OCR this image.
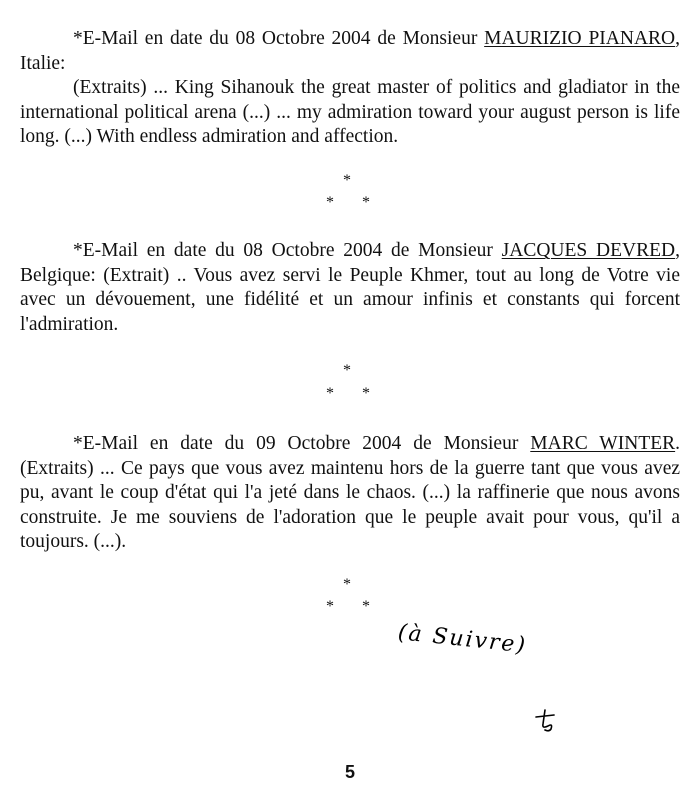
*E-Mail en date du 08 Octobre 2004 de Monsieur MAURIZIO PIANARO, Italie:
(Extraits) ... King Sihanouk the great master of politics and gladiator in the international political arena (...) ... my admiration toward your august person is life long. (...) With endless admiration and affection.
*
* *
*E-Mail en date du 08 Octobre 2004 de Monsieur JACQUES DEVRED, Belgique: (Extrait) .. Vous avez servi le Peuple Khmer, tout au long de Votre vie avec un dévouement, une fidélité et un amour infinis et constants qui forcent l'admiration.
*
* *
*E-Mail en date du 09 Octobre 2004 de Monsieur MARC WINTER. (Extraits) ... Ce pays que vous avez maintenu hors de la guerre tant que vous avez pu, avant le coup d'état qui l'a jeté dans le chaos. (...) la raffinerie que nous avons construite. Je me souviens de l'adoration que le peuple avait pour vous, qu'il a toujours. (...).
*
* *
(à Suivre)
5
